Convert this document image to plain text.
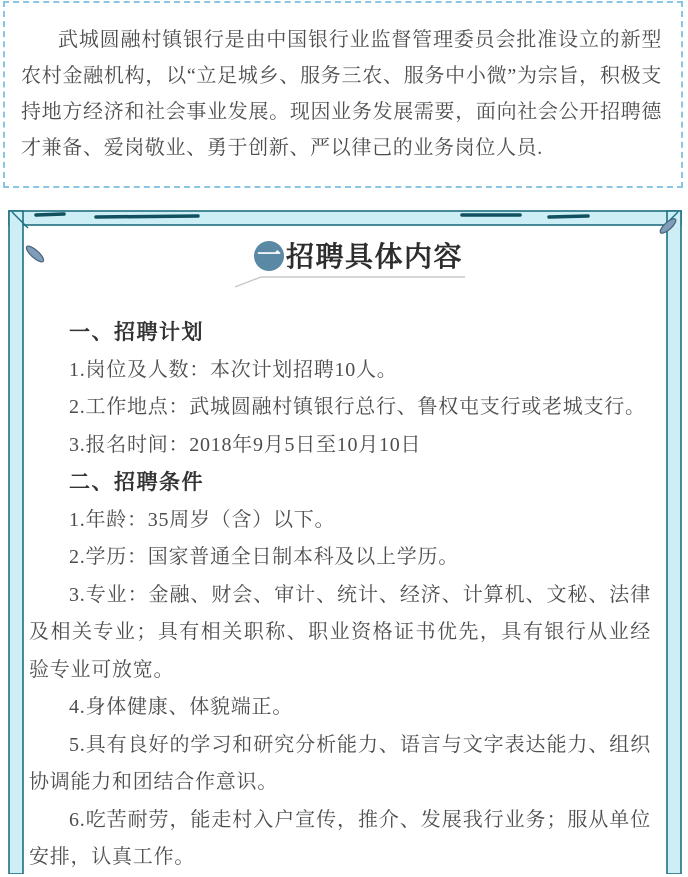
武城圆融村镇银行是由中国银行业监督管理委员会批准设立的新型农村金融机构，以“立足城乡、服务三农、服务中小微”为宗旨，积极支持地方经济和社会事业发展。现因业务发展需要，面向社会公开招聘德才兼备、爱岗敬业、勇于创新、严以律己的业务岗位人员.

一 招聘具体内容

一、招聘计划

1.岗位及人数：本次计划招聘10人。

2.工作地点：武城圆融村镇银行总行、鲁权屯支行或老城支行。

3.报名时间：2018年9月5日至10月10日

二、招聘条件

1.年龄：35周岁（含）以下。

2.学历：国家普通全日制本科及以上学历。

3.专业：金融、财会、审计、统计、经济、计算机、文秘、法律及相关专业；具有相关职称、职业资格证书优先，具有银行从业经验专业可放宽。

4.身体健康、体貌端正。

5.具有良好的学习和研究分析能力、语言与文字表达能力、组织协调能力和团结合作意识。

6.吃苦耐劳，能走村入户宣传，推介、发展我行业务；服从单位安排，认真工作。
